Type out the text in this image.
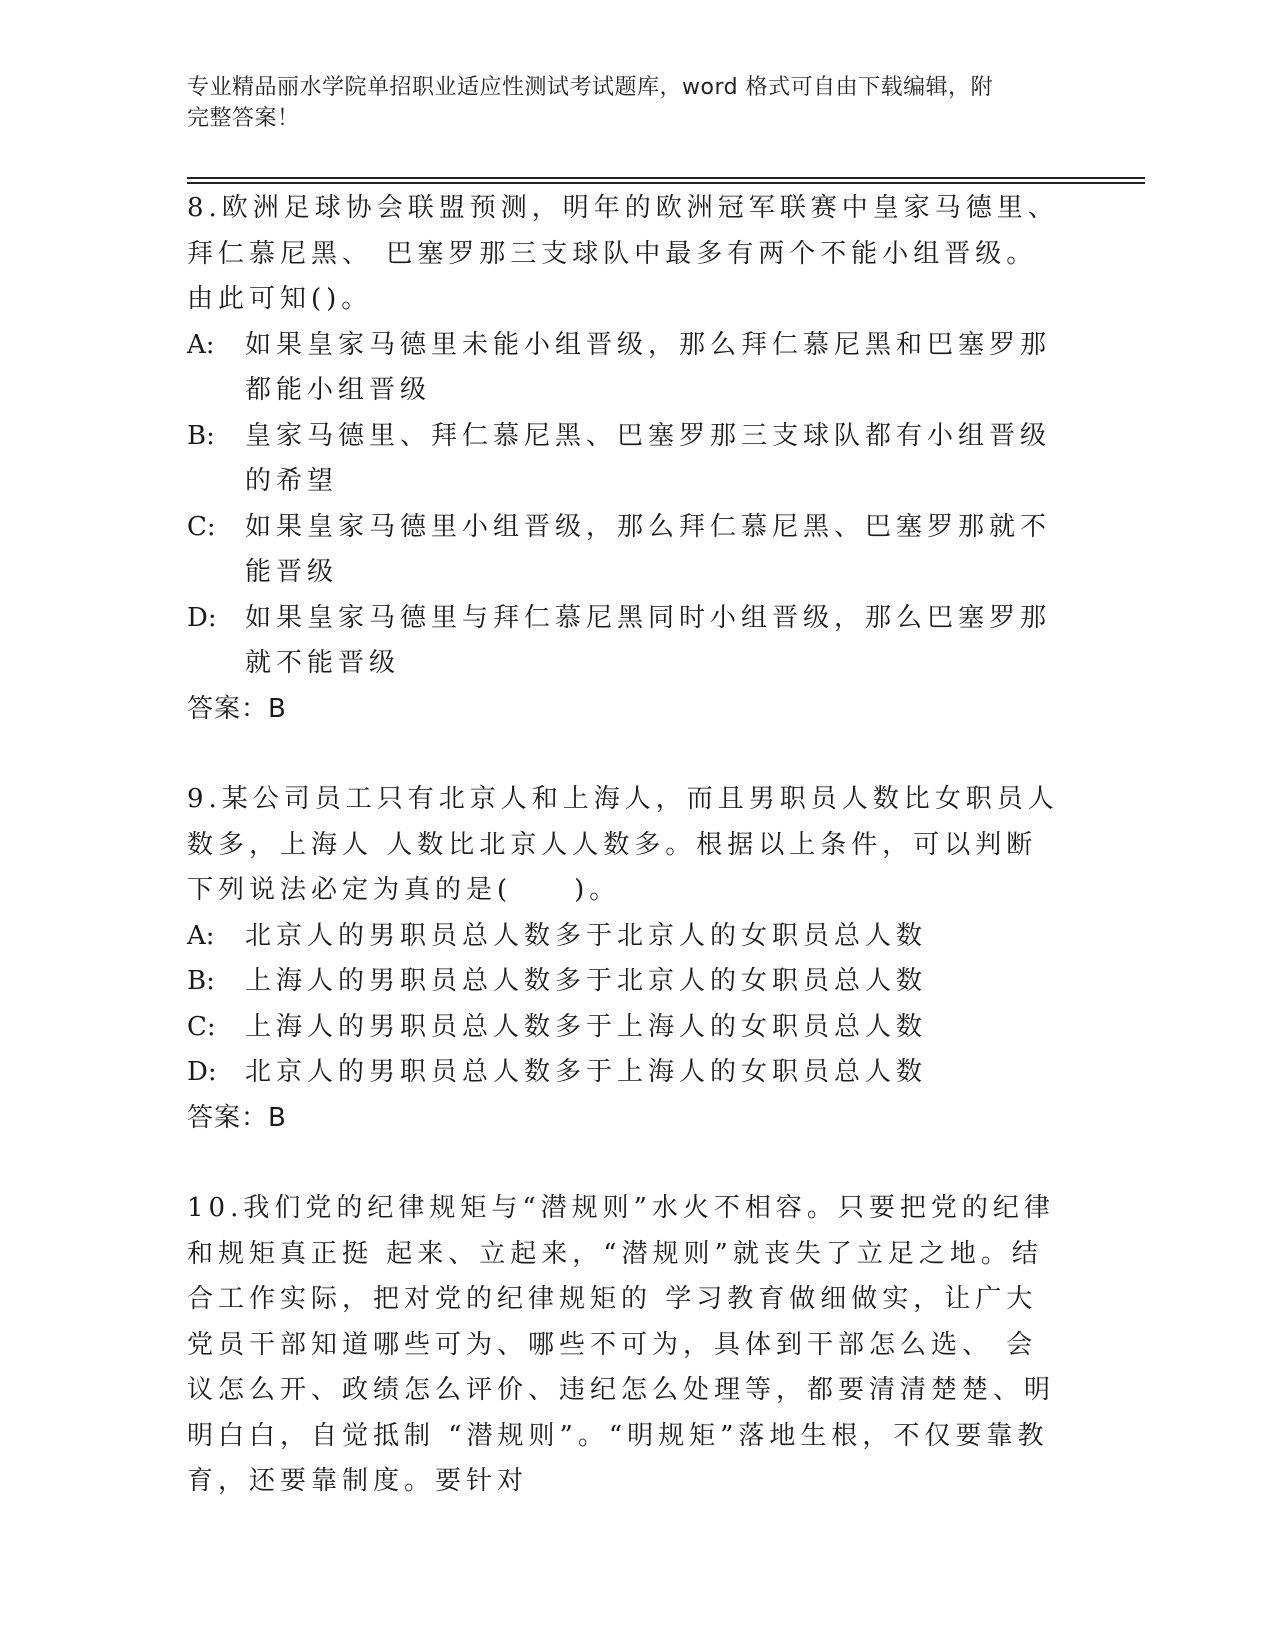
专业精品丽水学院单招职业适应性测试考试题库，word 格式可自由下载编辑，附
完整答案！

8.欧洲足球协会联盟预测，明年的欧洲冠军联赛中皇家马德里、拜仁慕尼黑、 巴塞罗那三支球队中最多有两个不能小组晋级。由此可知()。

A:	如果皇家马德里未能小组晋级，那么拜仁慕尼黑和巴塞罗那都能小组晋级
B:	皇家马德里、拜仁慕尼黑、巴塞罗那三支球队都有小组晋级的希望
C:	如果皇家马德里小组晋级，那么拜仁慕尼黑、巴塞罗那就不能晋级
D:	如果皇家马德里与拜仁慕尼黑同时小组晋级，那么巴塞罗那就不能晋级

答案：B

9.某公司员工只有北京人和上海人，而且男职员人数比女职员人数多，上海人 人数比北京人人数多。根据以上条件，可以判断下列说法必定为真的是(　　)。

A:	北京人的男职员总人数多于北京人的女职员总人数
B:	上海人的男职员总人数多于北京人的女职员总人数
C:	上海人的男职员总人数多于上海人的女职员总人数
D:	北京人的男职员总人数多于上海人的女职员总人数

答案：B

10.我们党的纪律规矩与“潜规则”水火不相容。只要把党的纪律和规矩真正挺 起来、立起来，“潜规则”就丧失了立足之地。结合工作实际，把对党的纪律规矩的 学习教育做细做实，让广大党员干部知道哪些可为、哪些不可为，具体到干部怎么选、 会议怎么开、政绩怎么评价、违纪怎么处理等，都要清清楚楚、明明白白，自觉抵制 “潜规则”。“明规矩”落地生根，不仅要靠教育，还要靠制度。要针对
